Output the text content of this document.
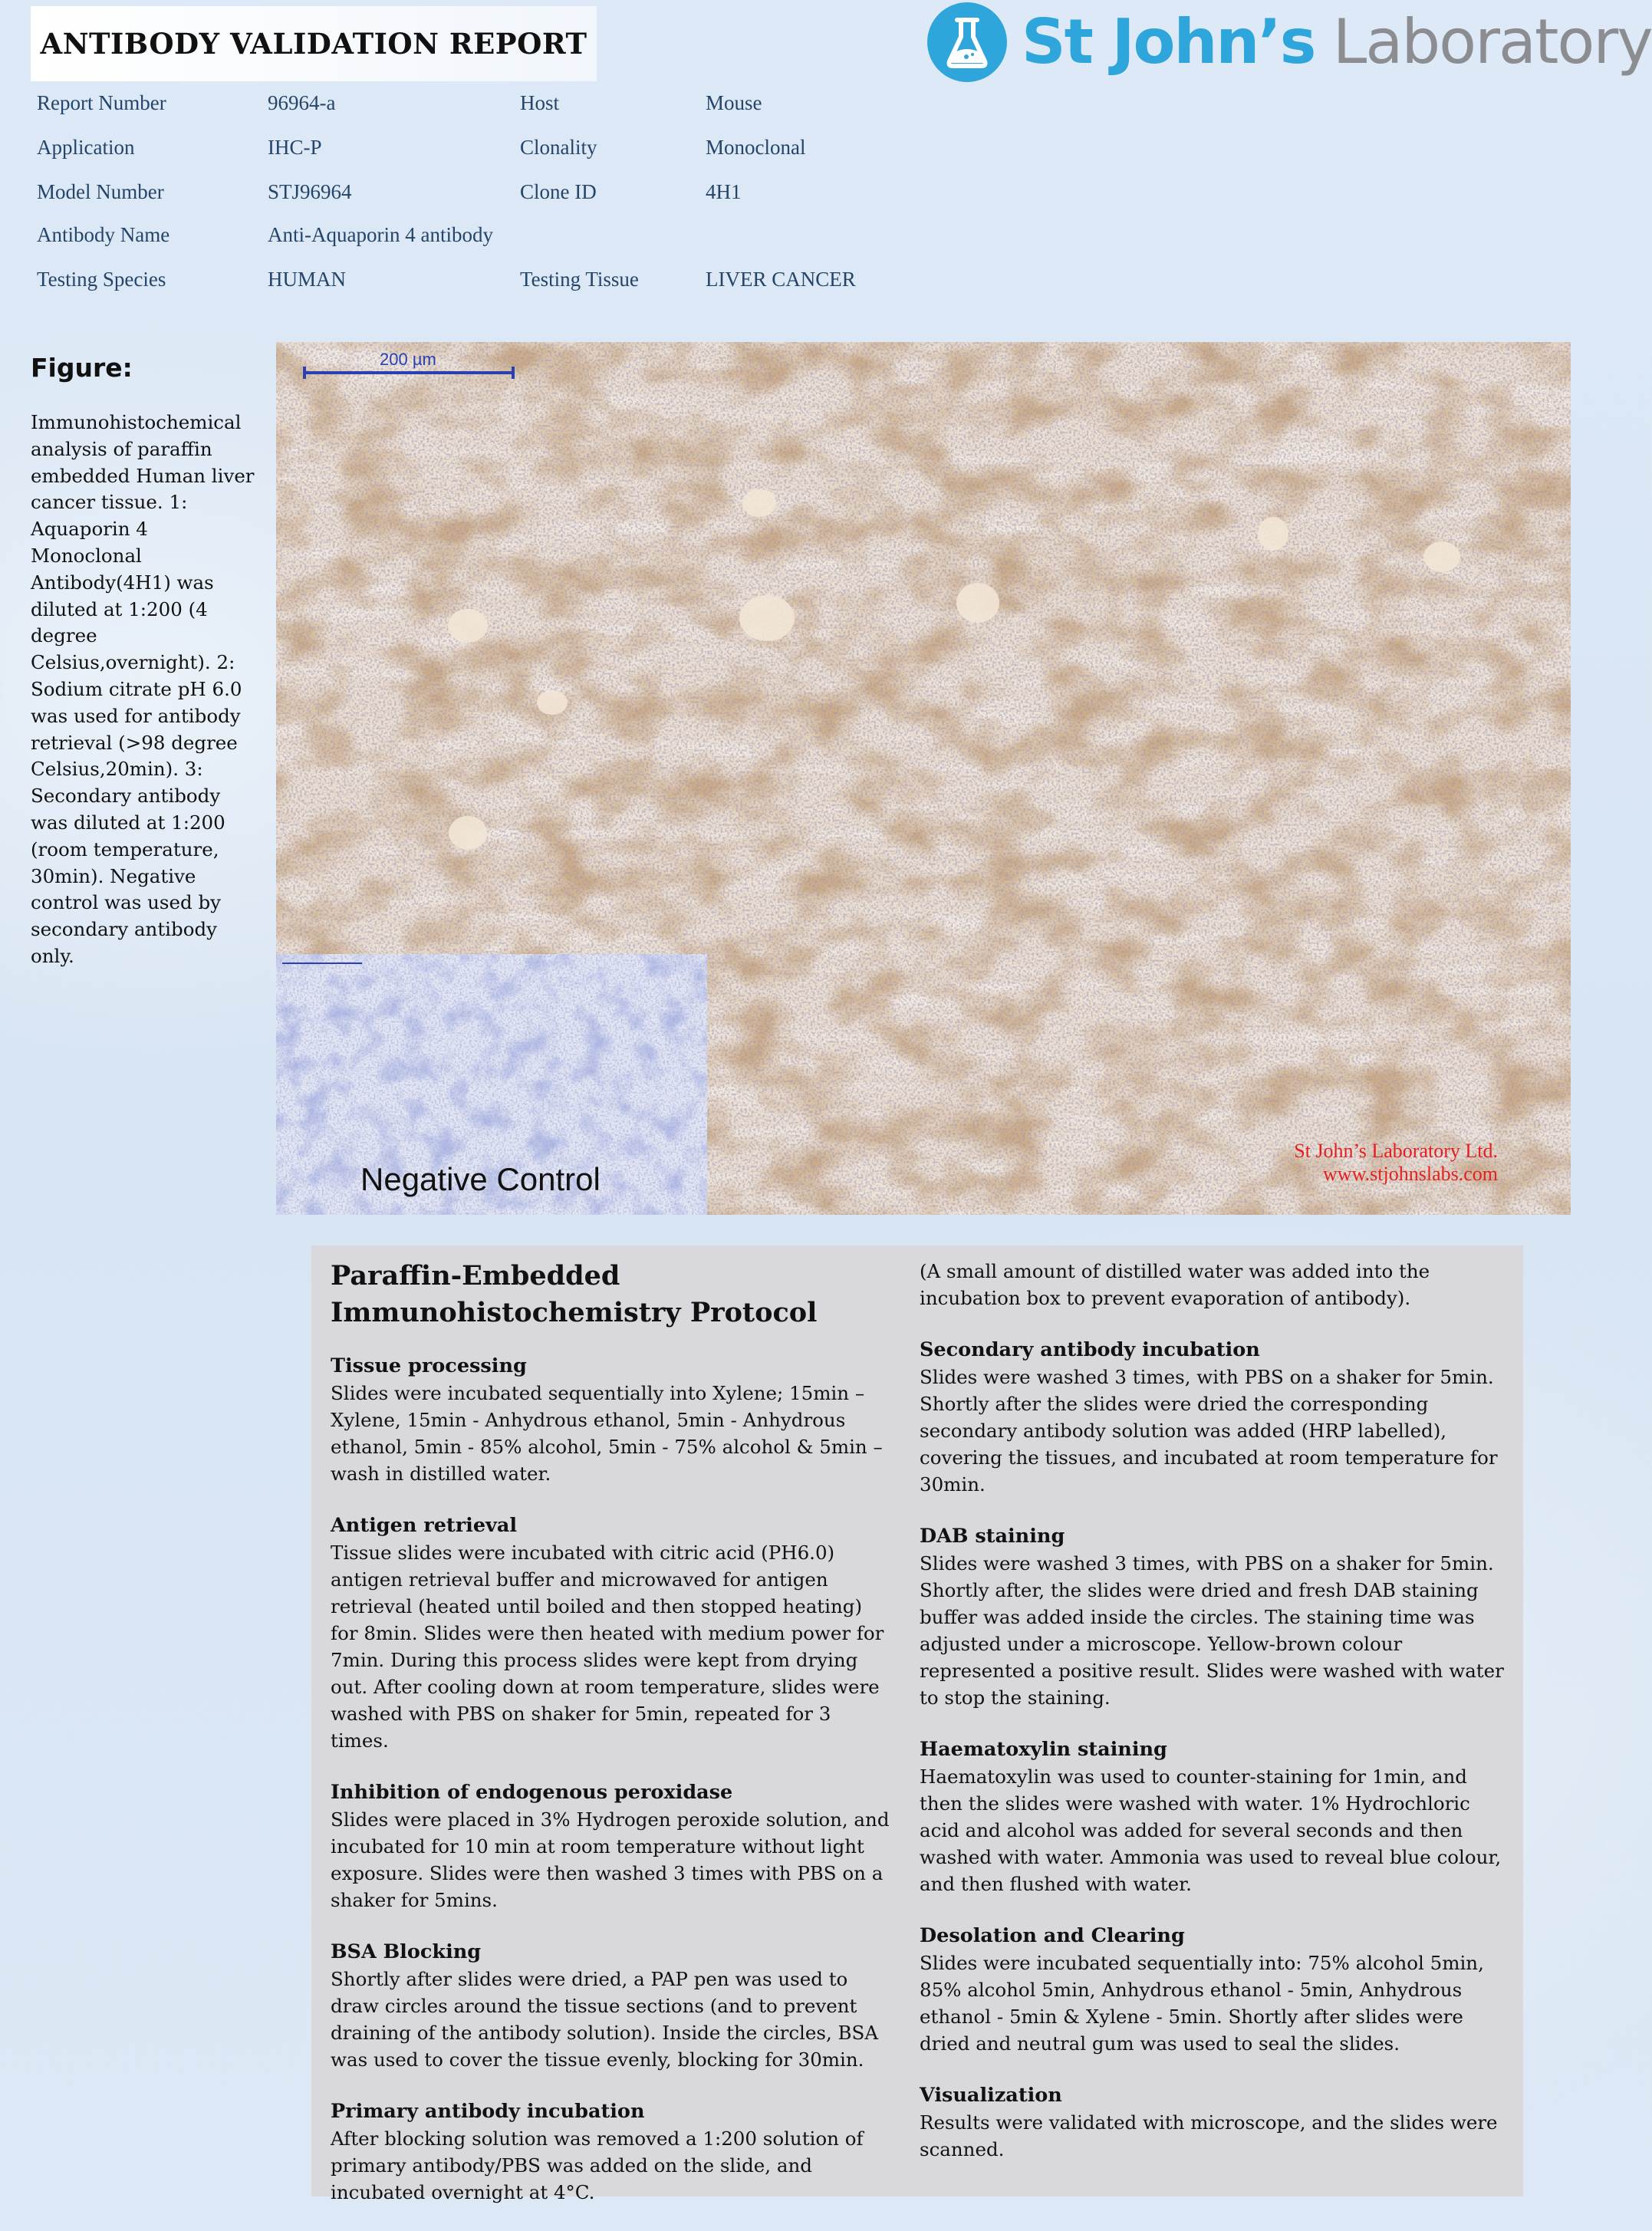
ANTIBODY VALIDATION REPORT	St John’s Laboratory
Report Number	96964-a	Host	Mouse
Application	IHC-P	Clonality	Monoclonal
Model Number	STJ96964	Clone ID	4H1
Antibody Name	Anti-Aquaporin 4 antibody
Testing Species	HUMAN	Testing Tissue	LIVER CANCER
Figure:
Immunohistochemical analysis of paraffin embedded Human liver cancer tissue. 1: Aquaporin 4 Monoclonal Antibody(4H1) was diluted at 1:200 (4 degree Celsius,overnight). 2: Sodium citrate pH 6.0 was used for antibody retrieval (>98 degree Celsius,20min). 3: Secondary antibody was diluted at 1:200 (room temperature, 30min). Negative control was used by secondary antibody only.
200 µm
Negative Control
St John’s Laboratory Ltd.
www.stjohnslabs.com
Paraffin-Embedded
Immunohistochemistry Protocol
Tissue processing

Slides were incubated sequentially into Xylene; 15min – Xylene, 15min - Anhydrous ethanol, 5min - Anhydrous ethanol, 5min - 85% alcohol, 5min - 75% alcohol & 5min – wash in distilled water.

Antigen retrieval

Tissue slides were incubated with citric acid (PH6.0) antigen retrieval buffer and microwaved for antigen retrieval (heated until boiled and then stopped heating) for 8min. Slides were then heated with medium power for 7min. During this process slides were kept from drying out. After cooling down at room temperature, slides were washed with PBS on shaker for 5min, repeated for 3 times.

Inhibition of endogenous peroxidase

Slides were placed in 3% Hydrogen peroxide solution, and incubated for 10 min at room temperature without light exposure. Slides were then washed 3 times with PBS on a shaker for 5mins.

BSA Blocking

Shortly after slides were dried, a PAP pen was used to draw circles around the tissue sections (and to prevent draining of the antibody solution). Inside the circles, BSA was used to cover the tissue evenly, blocking for 30min.

Primary antibody incubation

After blocking solution was removed a 1:200 solution of primary antibody/PBS was added on the slide, and incubated overnight at 4°C.

(A small amount of distilled water was added into the incubation box to prevent evaporation of antibody).

Secondary antibody incubation

Slides were washed 3 times, with PBS on a shaker for 5min. Shortly after the slides were dried the corresponding secondary antibody solution was added (HRP labelled), covering the tissues, and incubated at room temperature for 30min.

DAB staining

Slides were washed 3 times, with PBS on a shaker for 5min. Shortly after, the slides were dried and fresh DAB staining buffer was added inside the circles. The staining time was adjusted under a microscope. Yellow-brown colour represented a positive result. Slides were washed with water to stop the staining.

Haematoxylin staining

Haematoxylin was used to counter-staining for 1min, and then the slides were washed with water. 1% Hydrochloric acid and alcohol was added for several seconds and then washed with water. Ammonia was used to reveal blue colour, and then flushed with water.

Desolation and Clearing

Slides were incubated sequentially into: 75% alcohol 5min, 85% alcohol 5min, Anhydrous ethanol - 5min, Anhydrous ethanol - 5min & Xylene - 5min. Shortly after slides were dried and neutral gum was used to seal the slides.

Visualization

Results were validated with microscope, and the slides were scanned.
